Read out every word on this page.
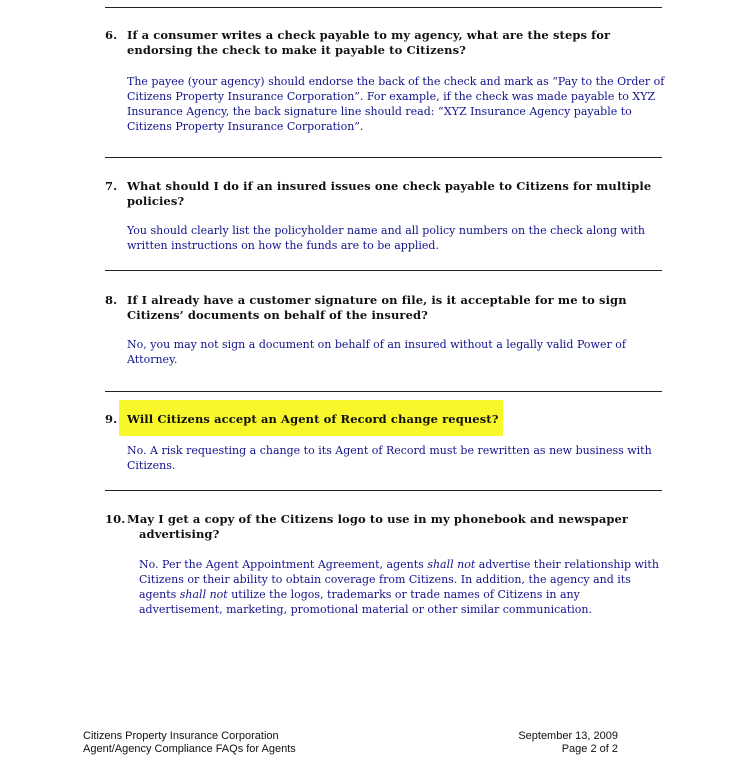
6. If a consumer writes a check payable to my agency, what are the steps for endorsing the check to make it payable to Citizens?
The payee (your agency) should endorse the back of the check and mark as “Pay to the Order of Citizens Property Insurance Corporation”. For example, if the check was made payable to XYZ Insurance Agency, the back signature line should read: “XYZ Insurance Agency payable to Citizens Property Insurance Corporation”.
7. What should I do if an insured issues one check payable to Citizens for multiple policies?
You should clearly list the policyholder name and all policy numbers on the check along with written instructions on how the funds are to be applied.
8. If I already have a customer signature on file, is it acceptable for me to sign Citizens’ documents on behalf of the insured?
No, you may not sign a document on behalf of an insured without a legally valid Power of Attorney.
9. Will Citizens accept an Agent of Record change request?
No. A risk requesting a change to its Agent of Record must be rewritten as new business with Citizens.
10. May I get a copy of the Citizens logo to use in my phonebook and newspaper advertising?
No. Per the Agent Appointment Agreement, agents shall not advertise their relationship with Citizens or their ability to obtain coverage from Citizens. In addition, the agency and its agents shall not utilize the logos, trademarks or trade names of Citizens in any advertisement, marketing, promotional material or other similar communication.
Citizens Property Insurance Corporation
Agent/Agency Compliance FAQs for Agents
September 13, 2009
Page 2 of 2
